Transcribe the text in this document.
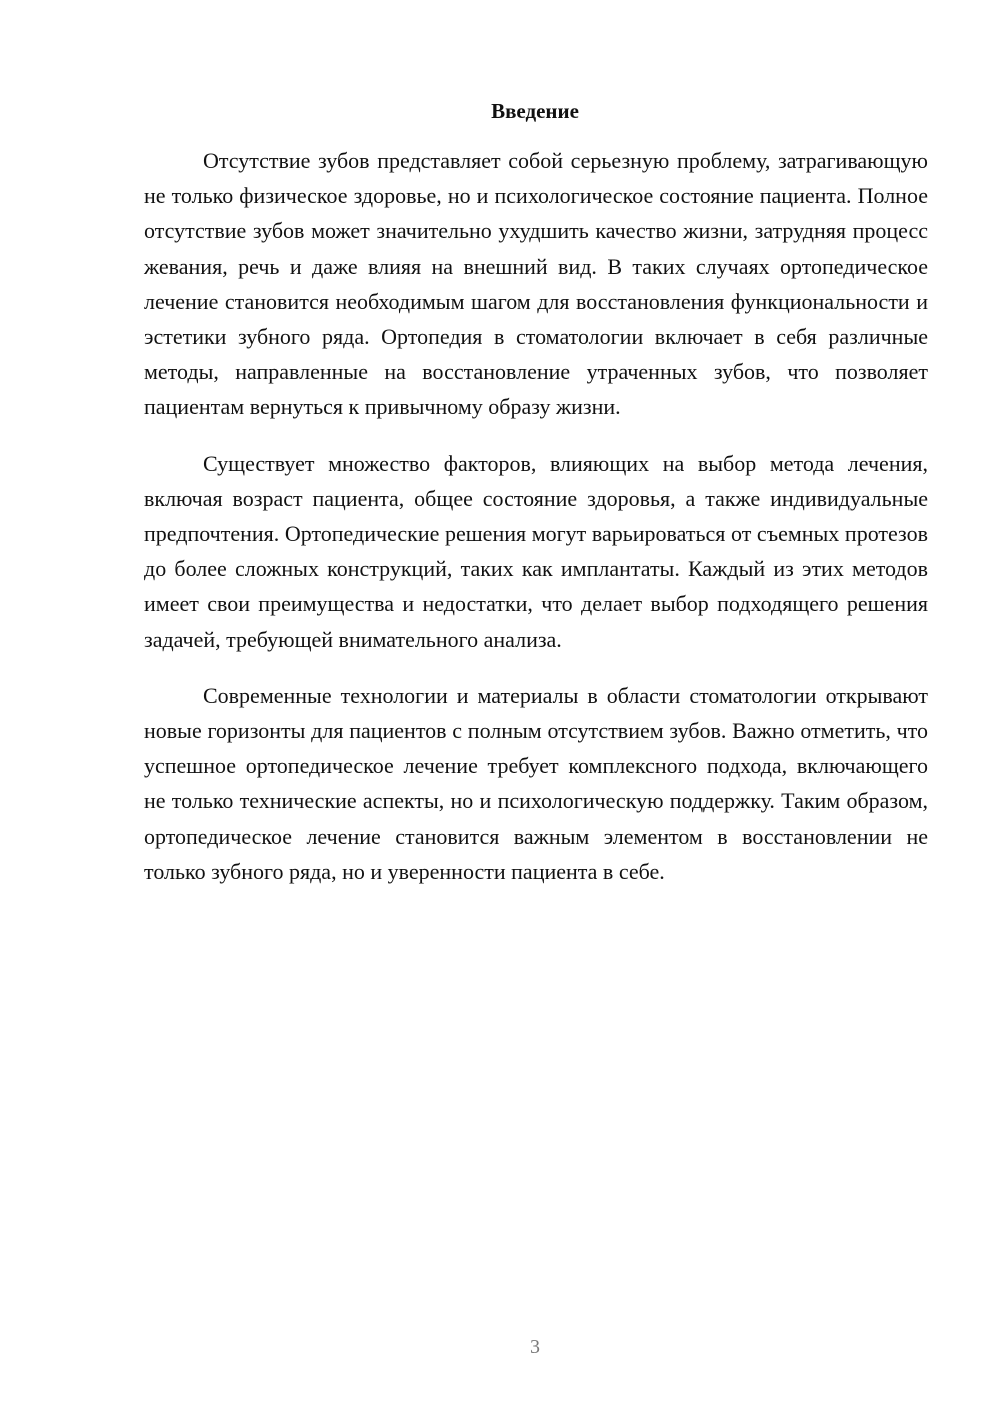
Введение

Отсутствие зубов представляет собой серьезную проблему, затрагивающую не только физическое здоровье, но и психологическое состояние пациента. Полное отсутствие зубов может значительно ухудшить качество жизни, затрудняя процесс жевания, речь и даже влияя на внешний вид. В таких случаях ортопедическое лечение становится необходимым шагом для восстановления функциональности и эстетики зубного ряда. Ортопедия в стоматологии включает в себя различные методы, направленные на восстановление утраченных зубов, что позволяет пациентам вернуться к привычному образу жизни.

Существует множество факторов, влияющих на выбор метода лечения, включая возраст пациента, общее состояние здоровья, а также индивидуальные предпочтения. Ортопедические решения могут варьироваться от съемных протезов до более сложных конструкций, таких как имплантаты. Каждый из этих методов имеет свои преимущества и недостатки, что делает выбор подходящего решения задачей, требующей внимательного анализа.

Современные технологии и материалы в области стоматологии открывают новые горизонты для пациентов с полным отсутствием зубов. Важно отметить, что успешное ортопедическое лечение требует комплексного подхода, включающего не только технические аспекты, но и психологическую поддержку. Таким образом, ортопедическое лечение становится важным элементом в восстановлении не только зубного ряда, но и уверенности пациента в себе.

3
